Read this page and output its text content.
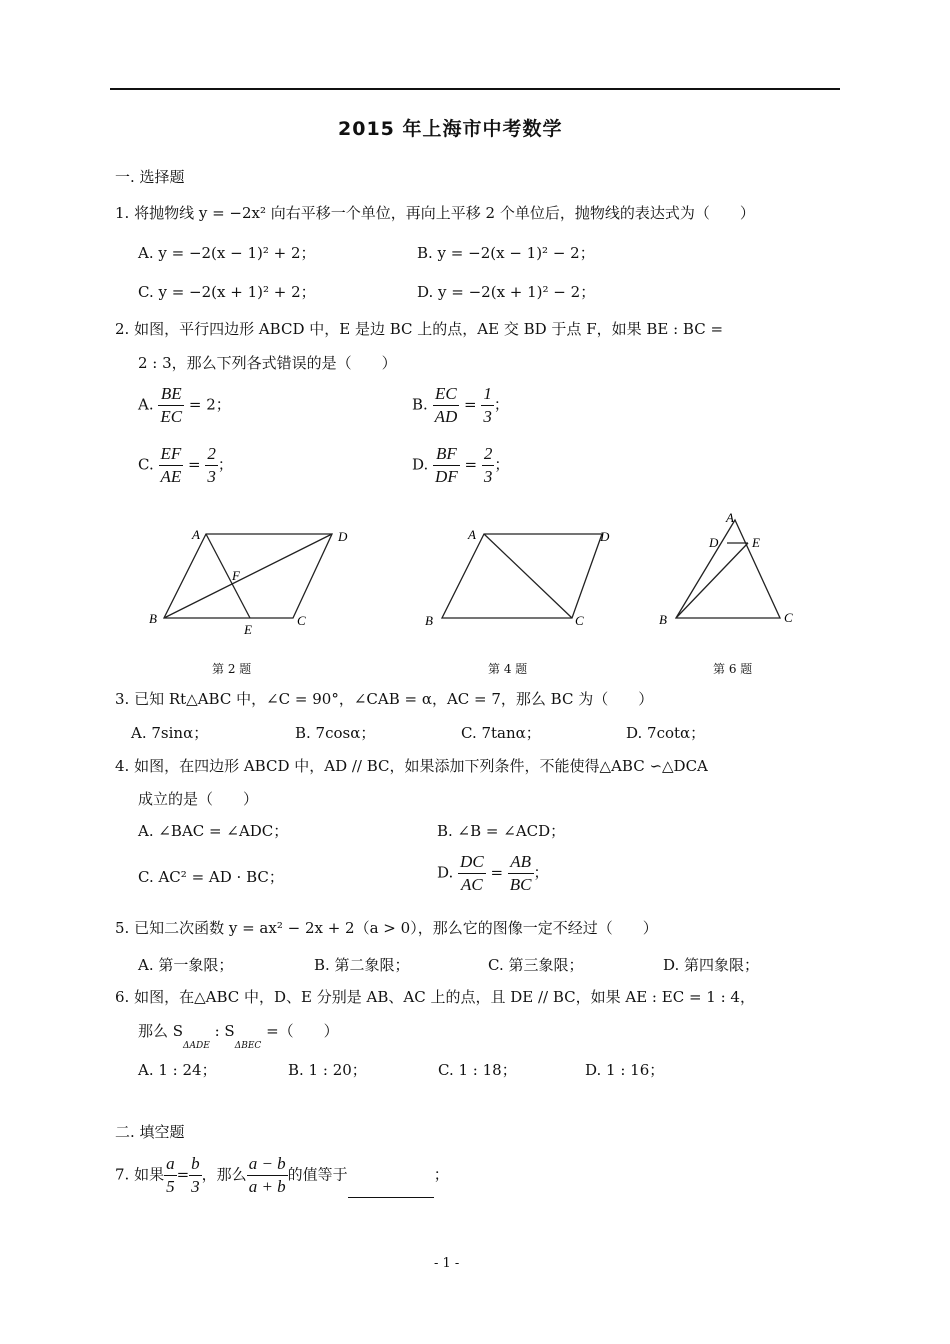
2015 年上海市中考数学
一. 选择题
1. 将抛物线 y = −2x² 向右平移一个单位，再向上平移 2 个单位后，抛物线的表达式为（　　）
A. y = −2(x − 1)² + 2；	B. y = −2(x − 1)² − 2；
C. y = −2(x + 1)² + 2；	D. y = −2(x + 1)² − 2；
2. 如图，平行四边形 ABCD 中，E 是边 BC 上的点，AE 交 BD 于点 F，如果 BE : BC =
2 : 3，那么下列各式错误的是（　　）
A. $\frac{BE}{EC} = 2$；	B. $\frac{EC}{AD} = \frac{1}{3}$ ；
C. $\frac{EF}{AE} = \frac{2}{3}$ ；	D. $\frac{BF}{DF} = \frac{2}{3}$ ；
A	D
F
B
E
C
第 2 题
A	D
B	C
第 4 题
A
D	E
B	C
第 6 题
3. 已知 Rt△ABC 中，∠C = 90°，∠CAB = α，AC = 7，那么 BC 为（　　）
A. 7sinα；	B. 7cosα；	C. 7tanα；	D. 7cotα；
4. 如图，在四边形 ABCD 中，AD // BC，如果添加下列条件，不能使得△ABC ∽△DCA
成立的是（　　）
A. ∠BAC = ∠ADC；	B. ∠B = ∠ACD；
C. AC² = AD · BC；	D. $\frac{DC}{AC} = \frac{AB}{BC}$ ；
5. 已知二次函数 y = ax² − 2x + 2（a > 0），那么它的图像一定不经过（　　）
A. 第一象限；	B. 第二象限；	C. 第三象限；	D. 第四象限；
6. 如图，在△ABC 中，D、E 分别是 AB、AC 上的点，且 DE // BC，如果 AE : EC = 1 : 4，
那么 $S_{\Delta ADE}$ : $S_{\Delta BEC}$ =（　　）
A. 1 : 24；	B. 1 : 20；	C. 1 : 18；	D. 1 : 16；
二. 填空题
7. 如果 $\frac{a}{5} = \frac{b}{3}$ ，那么 $\frac{a - b}{a + b}$ 的值等于	；
- 1 -
